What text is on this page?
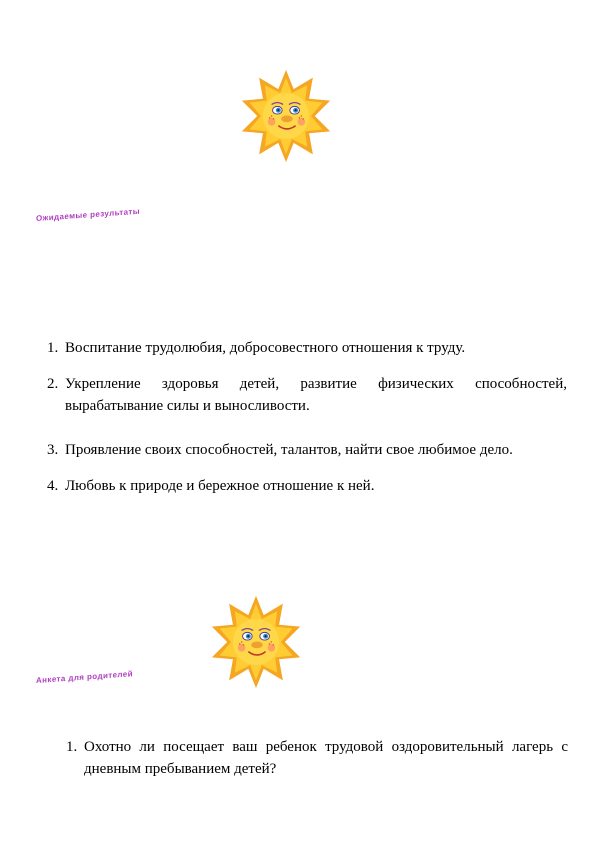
Ожидаемые результаты
1. Воспитание трудолюбия, добросовестного отношения к труду.
2. Укрепление здоровья детей, развитие физических способностей, вырабатывание силы и выносливости.
3. Проявление своих способностей, талантов, найти свое любимое дело.
4. Любовь к природе и бережное отношение к ней.
Анкета для родителей
1. Охотно ли посещает ваш ребенок трудовой оздоровительный лагерь с дневным пребыванием детей?
